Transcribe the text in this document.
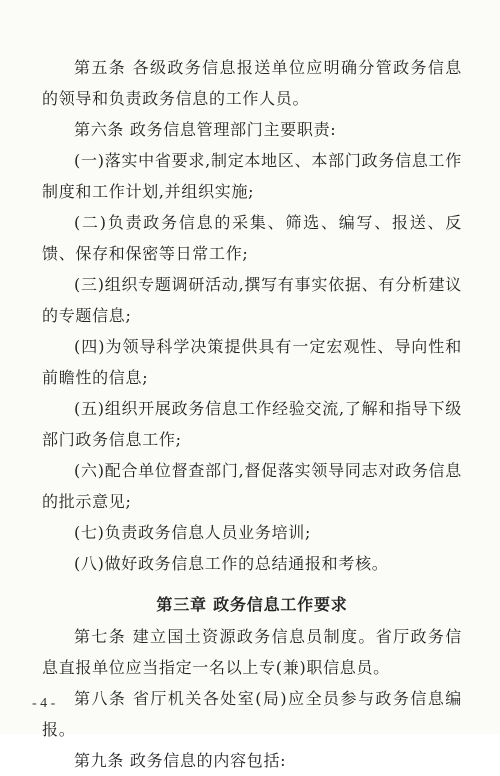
第五条 各级政务信息报送单位应明确分管政务信息的领导和负责政务信息的工作人员。

第六条 政务信息管理部门主要职责:

(一)落实中省要求,制定本地区、本部门政务信息工作制度和工作计划,并组织实施;

(二)负责政务信息的采集、筛选、编写、报送、反馈、保存和保密等日常工作;

(三)组织专题调研活动,撰写有事实依据、有分析建议的专题信息;

(四)为领导科学决策提供具有一定宏观性、导向性和前瞻性的信息;

(五)组织开展政务信息工作经验交流,了解和指导下级部门政务信息工作;

(六)配合单位督查部门,督促落实领导同志对政务信息的批示意见;

(七)负责政务信息人员业务培训;

(八)做好政务信息工作的总结通报和考核。

第三章 政务信息工作要求

第七条 建立国土资源政务信息员制度。省厅政务信息直报单位应当指定一名以上专(兼)职信息员。

第八条 省厅机关各处室(局)应全员参与政务信息编报。

第九条 政务信息的内容包括:

- 4 -
